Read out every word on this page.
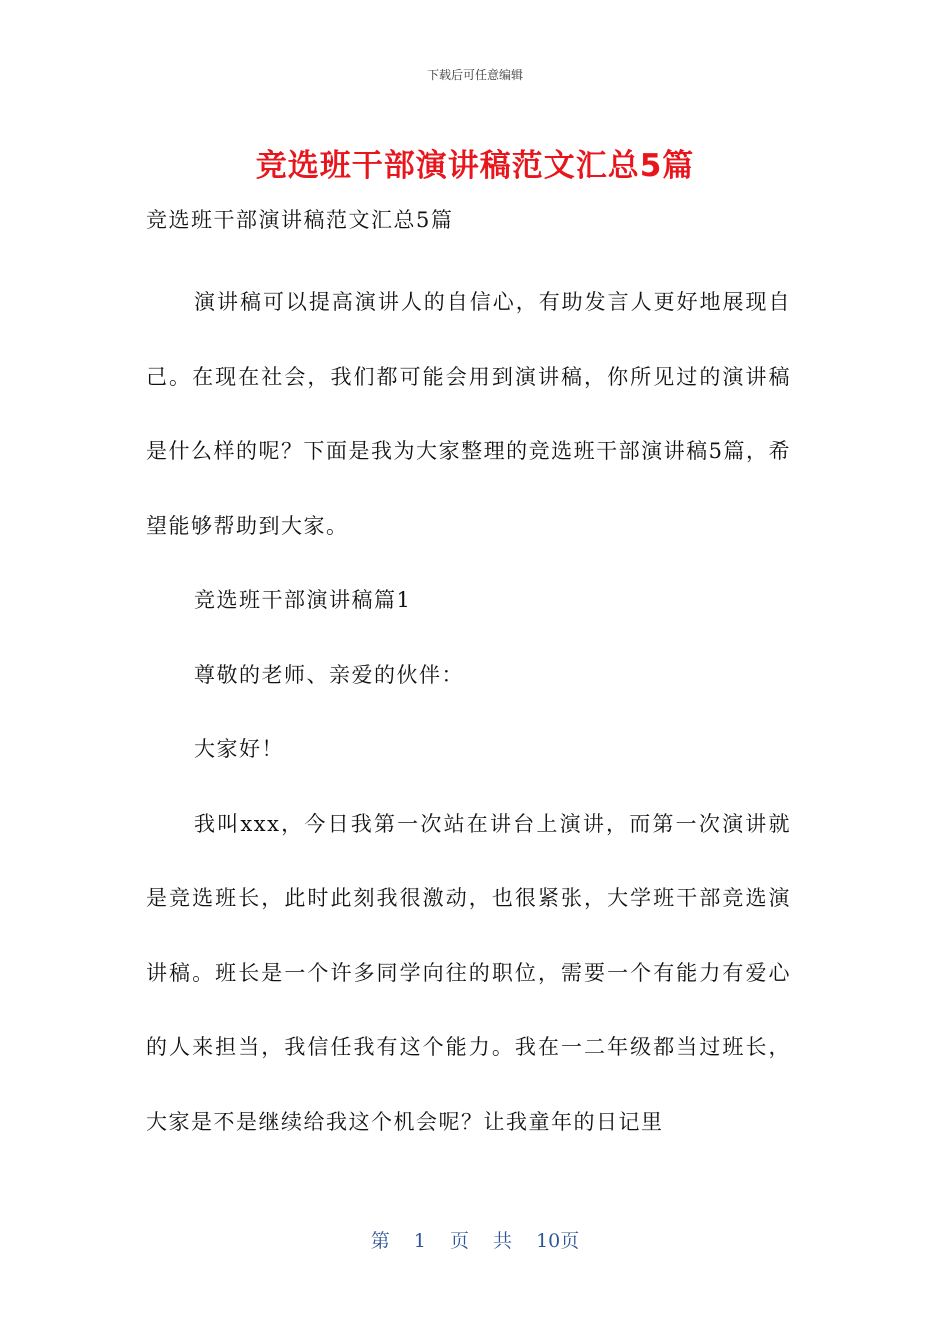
下载后可任意编辑
竞选班干部演讲稿范文汇总5篇

竞选班干部演讲稿范文汇总5篇

演讲稿可以提高演讲人的自信心，有助发言人更好地展现自己。在现在社会，我们都可能会用到演讲稿，你所见过的演讲稿是什么样的呢？下面是我为大家整理的竞选班干部演讲稿5篇，希望能够帮助到大家。

竞选班干部演讲稿篇1

尊敬的老师、亲爱的伙伴：

大家好！

我叫xxx，今日我第一次站在讲台上演讲，而第一次演讲就是竞选班长，此时此刻我很激动，也很紧张，大学班干部竞选演讲稿。班长是一个许多同学向往的职位，需要一个有能力有爱心的人来担当，我信任我有这个能力。我在一二年级都当过班长，大家是不是继续给我这个机会呢？让我童年的日记里

第 1 页 共 10页
